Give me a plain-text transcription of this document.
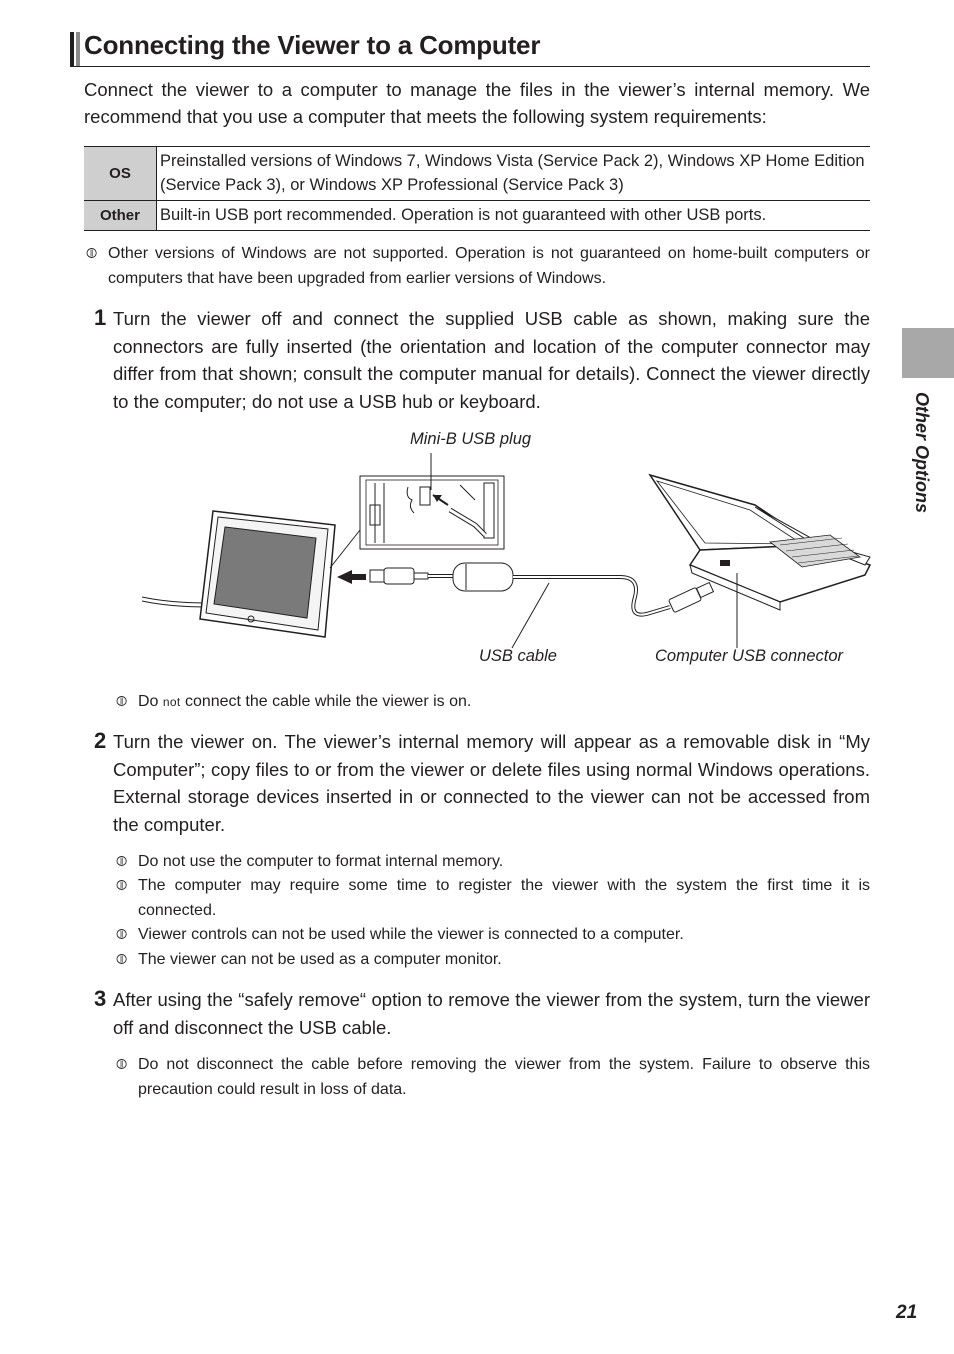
Connecting the Viewer to a Computer
Connect the viewer to a computer to manage the files in the viewer’s internal memory. We recommend that you use a computer that meets the following system requirements:
OS	Preinstalled versions of Windows 7, Windows Vista (Service Pack 2), Windows XP Home Edition (Service Pack 3), or Windows XP Professional (Service Pack 3)
Other	Built-in USB port recommended. Operation is not guaranteed with other USB ports.
⦷ Other versions of Windows are not supported. Operation is not guaranteed on home-built computers or computers that have been upgraded from earlier versions of Windows.
1 Turn the viewer off and connect the supplied USB cable as shown, making sure the connectors are fully inserted (the orientation and location of the computer connector may differ from that shown; consult the computer manual for details). Connect the viewer directly to the computer; do not use a USB hub or keyboard.
Mini-B USB plug
USB cable	Computer USB connector
⦷ Do not connect the cable while the viewer is on.
2 Turn the viewer on. The viewer’s internal memory will appear as a removable disk in “My Computer”; copy files to or from the viewer or delete files using normal Windows operations. External storage devices inserted in or connected to the viewer can not be accessed from the computer.
⦷ Do not use the computer to format internal memory.
⦷ The computer may require some time to register the viewer with the system the first time it is connected.
⦷ Viewer controls can not be used while the viewer is connected to a computer.
⦷ The viewer can not be used as a computer monitor.
3 After using the “safely remove“ option to remove the viewer from the system, turn the viewer off and disconnect the USB cable.
⦷ Do not disconnect the cable before removing the viewer from the system. Failure to observe this precaution could result in loss of data.
Other Options
21
